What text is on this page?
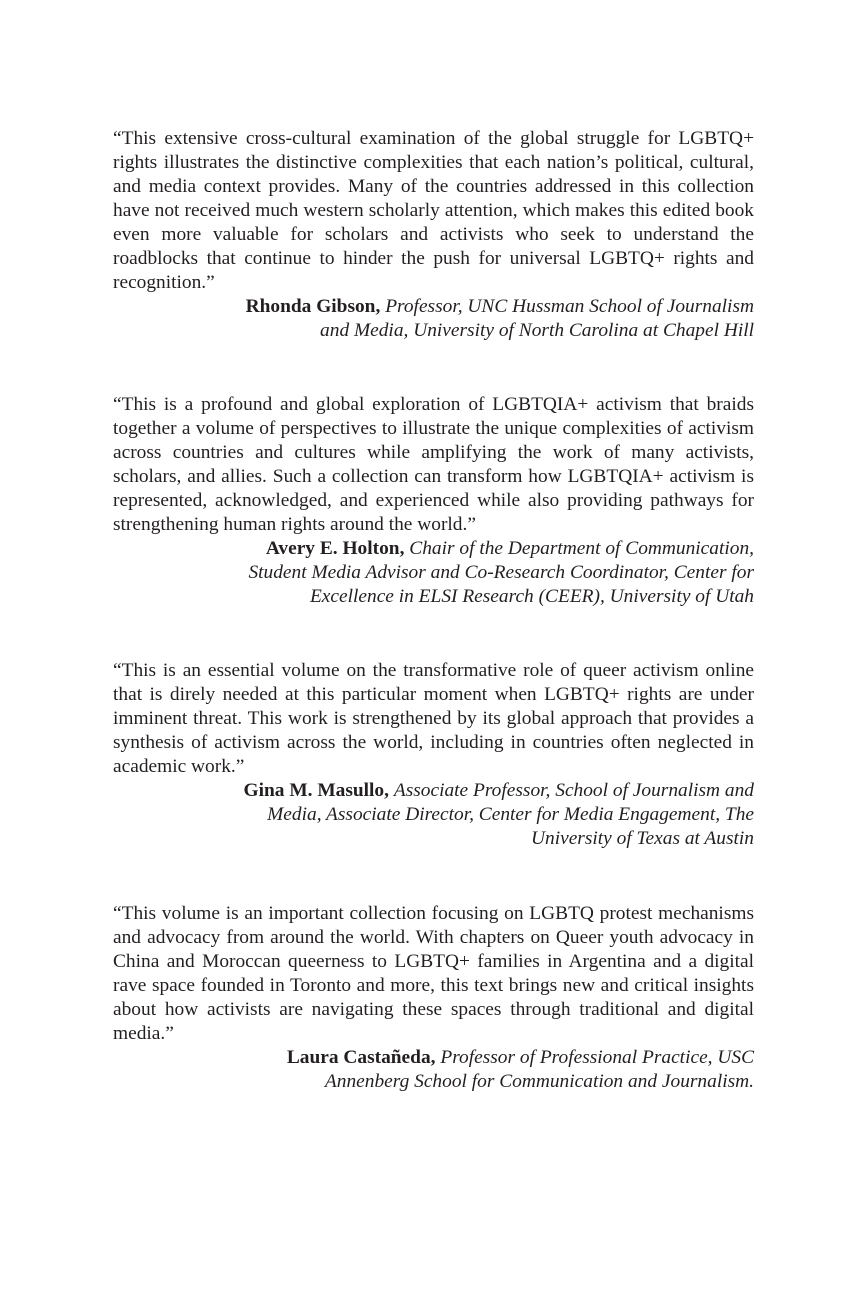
“This extensive cross-cultural examination of the global struggle for LGBTQ+ rights illustrates the distinctive complexities that each nation’s political, cultural, and media context provides. Many of the countries addressed in this collection have not received much western scholarly attention, which makes this edited book even more valuable for scholars and activists who seek to understand the roadblocks that continue to hinder the push for universal LGBTQ+ rights and recognition.”

Rhonda Gibson, Professor, UNC Hussman School of Journalism
and Media, University of North Carolina at Chapel Hill

“This is a profound and global exploration of LGBTQIA+ activism that braids together a volume of perspectives to illustrate the unique complexities of activism across countries and cultures while amplifying the work of many activists, scholars, and allies. Such a collection can transform how LGBTQIA+ activism is represented, acknowledged, and experienced while also providing pathways for strengthening human rights around the world.”

Avery E. Holton, Chair of the Department of Communication,
Student Media Advisor and Co-Research Coordinator, Center for
Excellence in ELSI Research (CEER), University of Utah

“This is an essential volume on the transformative role of queer activism online that is direly needed at this particular moment when LGBTQ+ rights are under imminent threat. This work is strengthened by its global approach that provides a synthesis of activism across the world, including in countries often neglected in academic work.”

Gina M. Masullo, Associate Professor, School of Journalism and
Media, Associate Director, Center for Media Engagement, The
University of Texas at Austin

“This volume is an important collection focusing on LGBTQ protest mechanisms and advocacy from around the world. With chapters on Queer youth advocacy in China and Moroccan queerness to LGBTQ+ families in Argentina and a digital rave space founded in Toronto and more, this text brings new and critical insights about how activists are navigating these spaces through traditional and digital media.”

Laura Castañeda, Professor of Professional Practice, USC
Annenberg School for Communication and Journalism.
